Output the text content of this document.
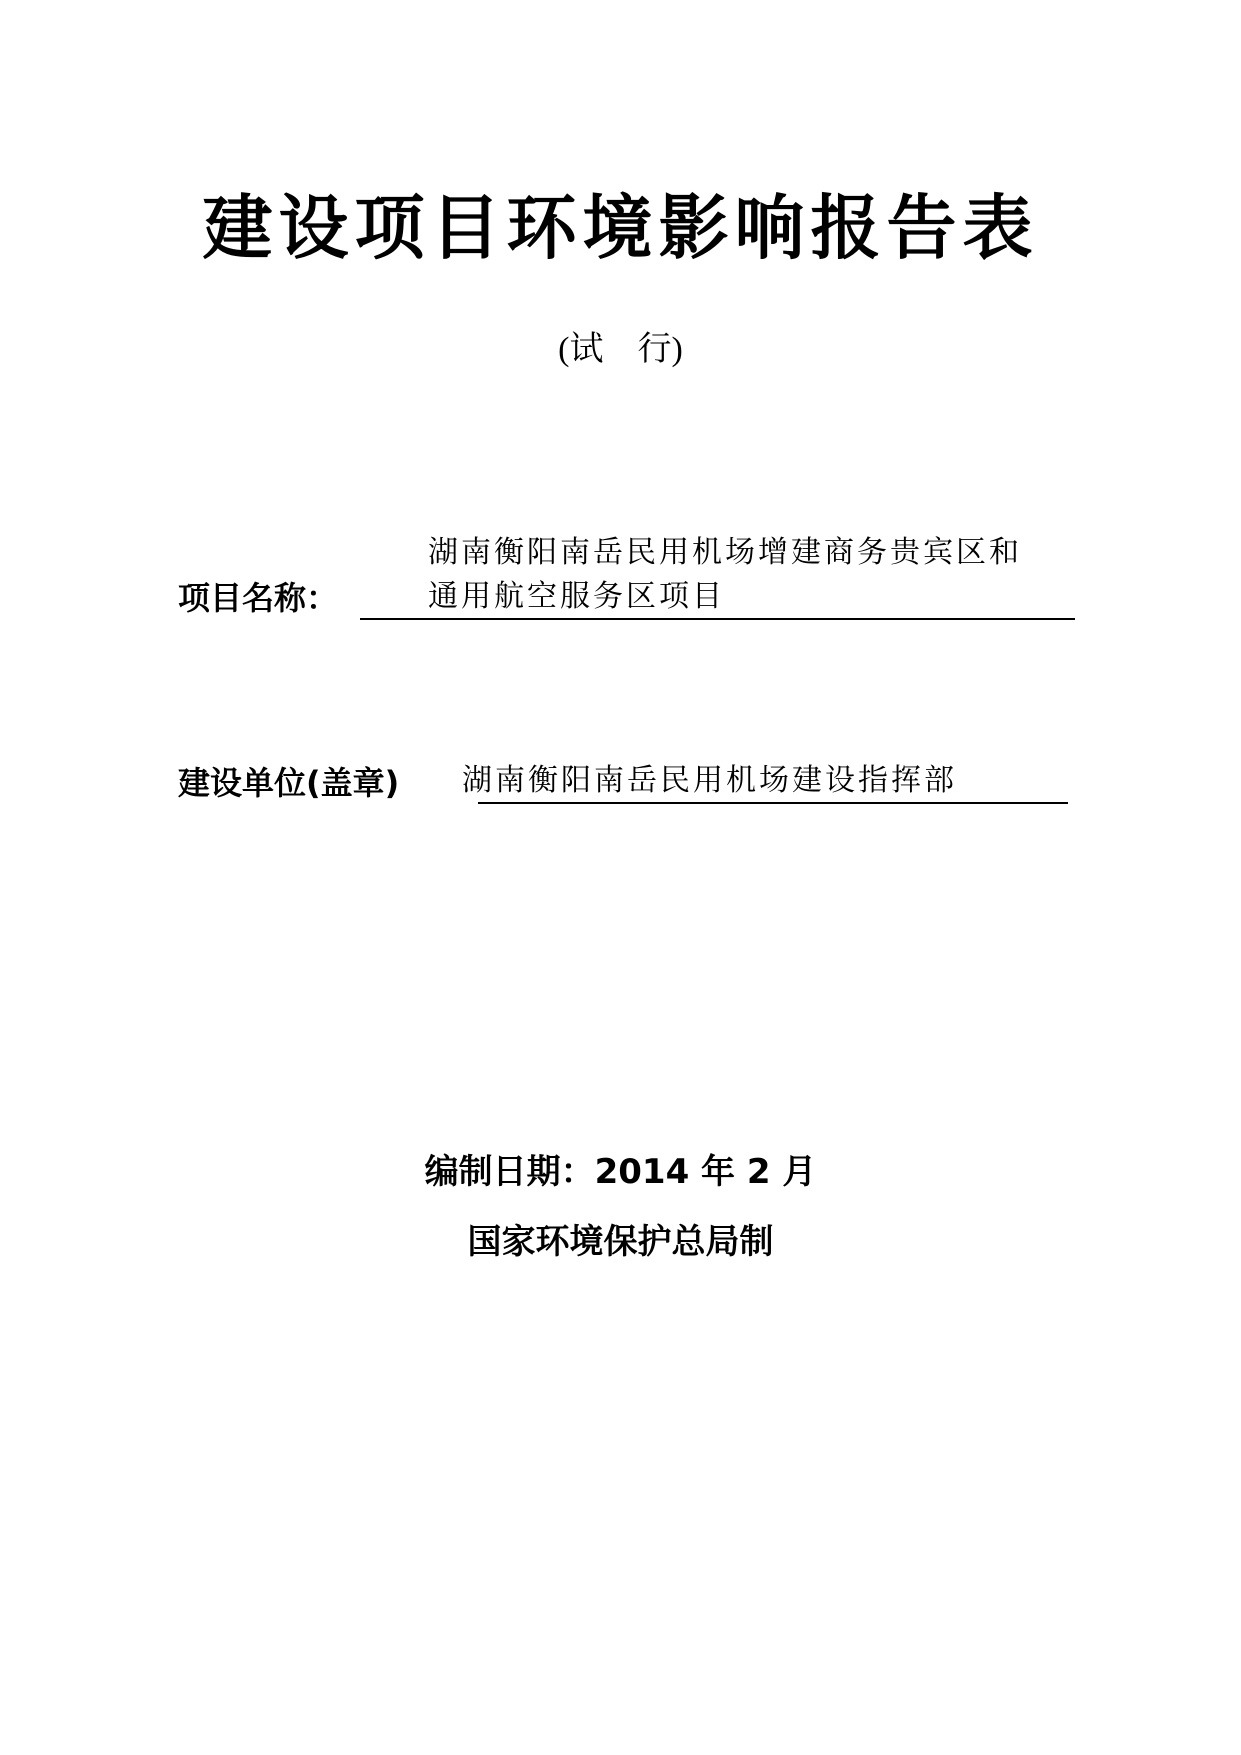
建设项目环境影响报告表
(试    行)
项目名称：
湖南衡阳南岳民用机场增建商务贵宾区和
通用航空服务区项目
建设单位(盖章) 湖南衡阳南岳民用机场建设指挥部
编制日期：2014 年 2 月
国家环境保护总局制
